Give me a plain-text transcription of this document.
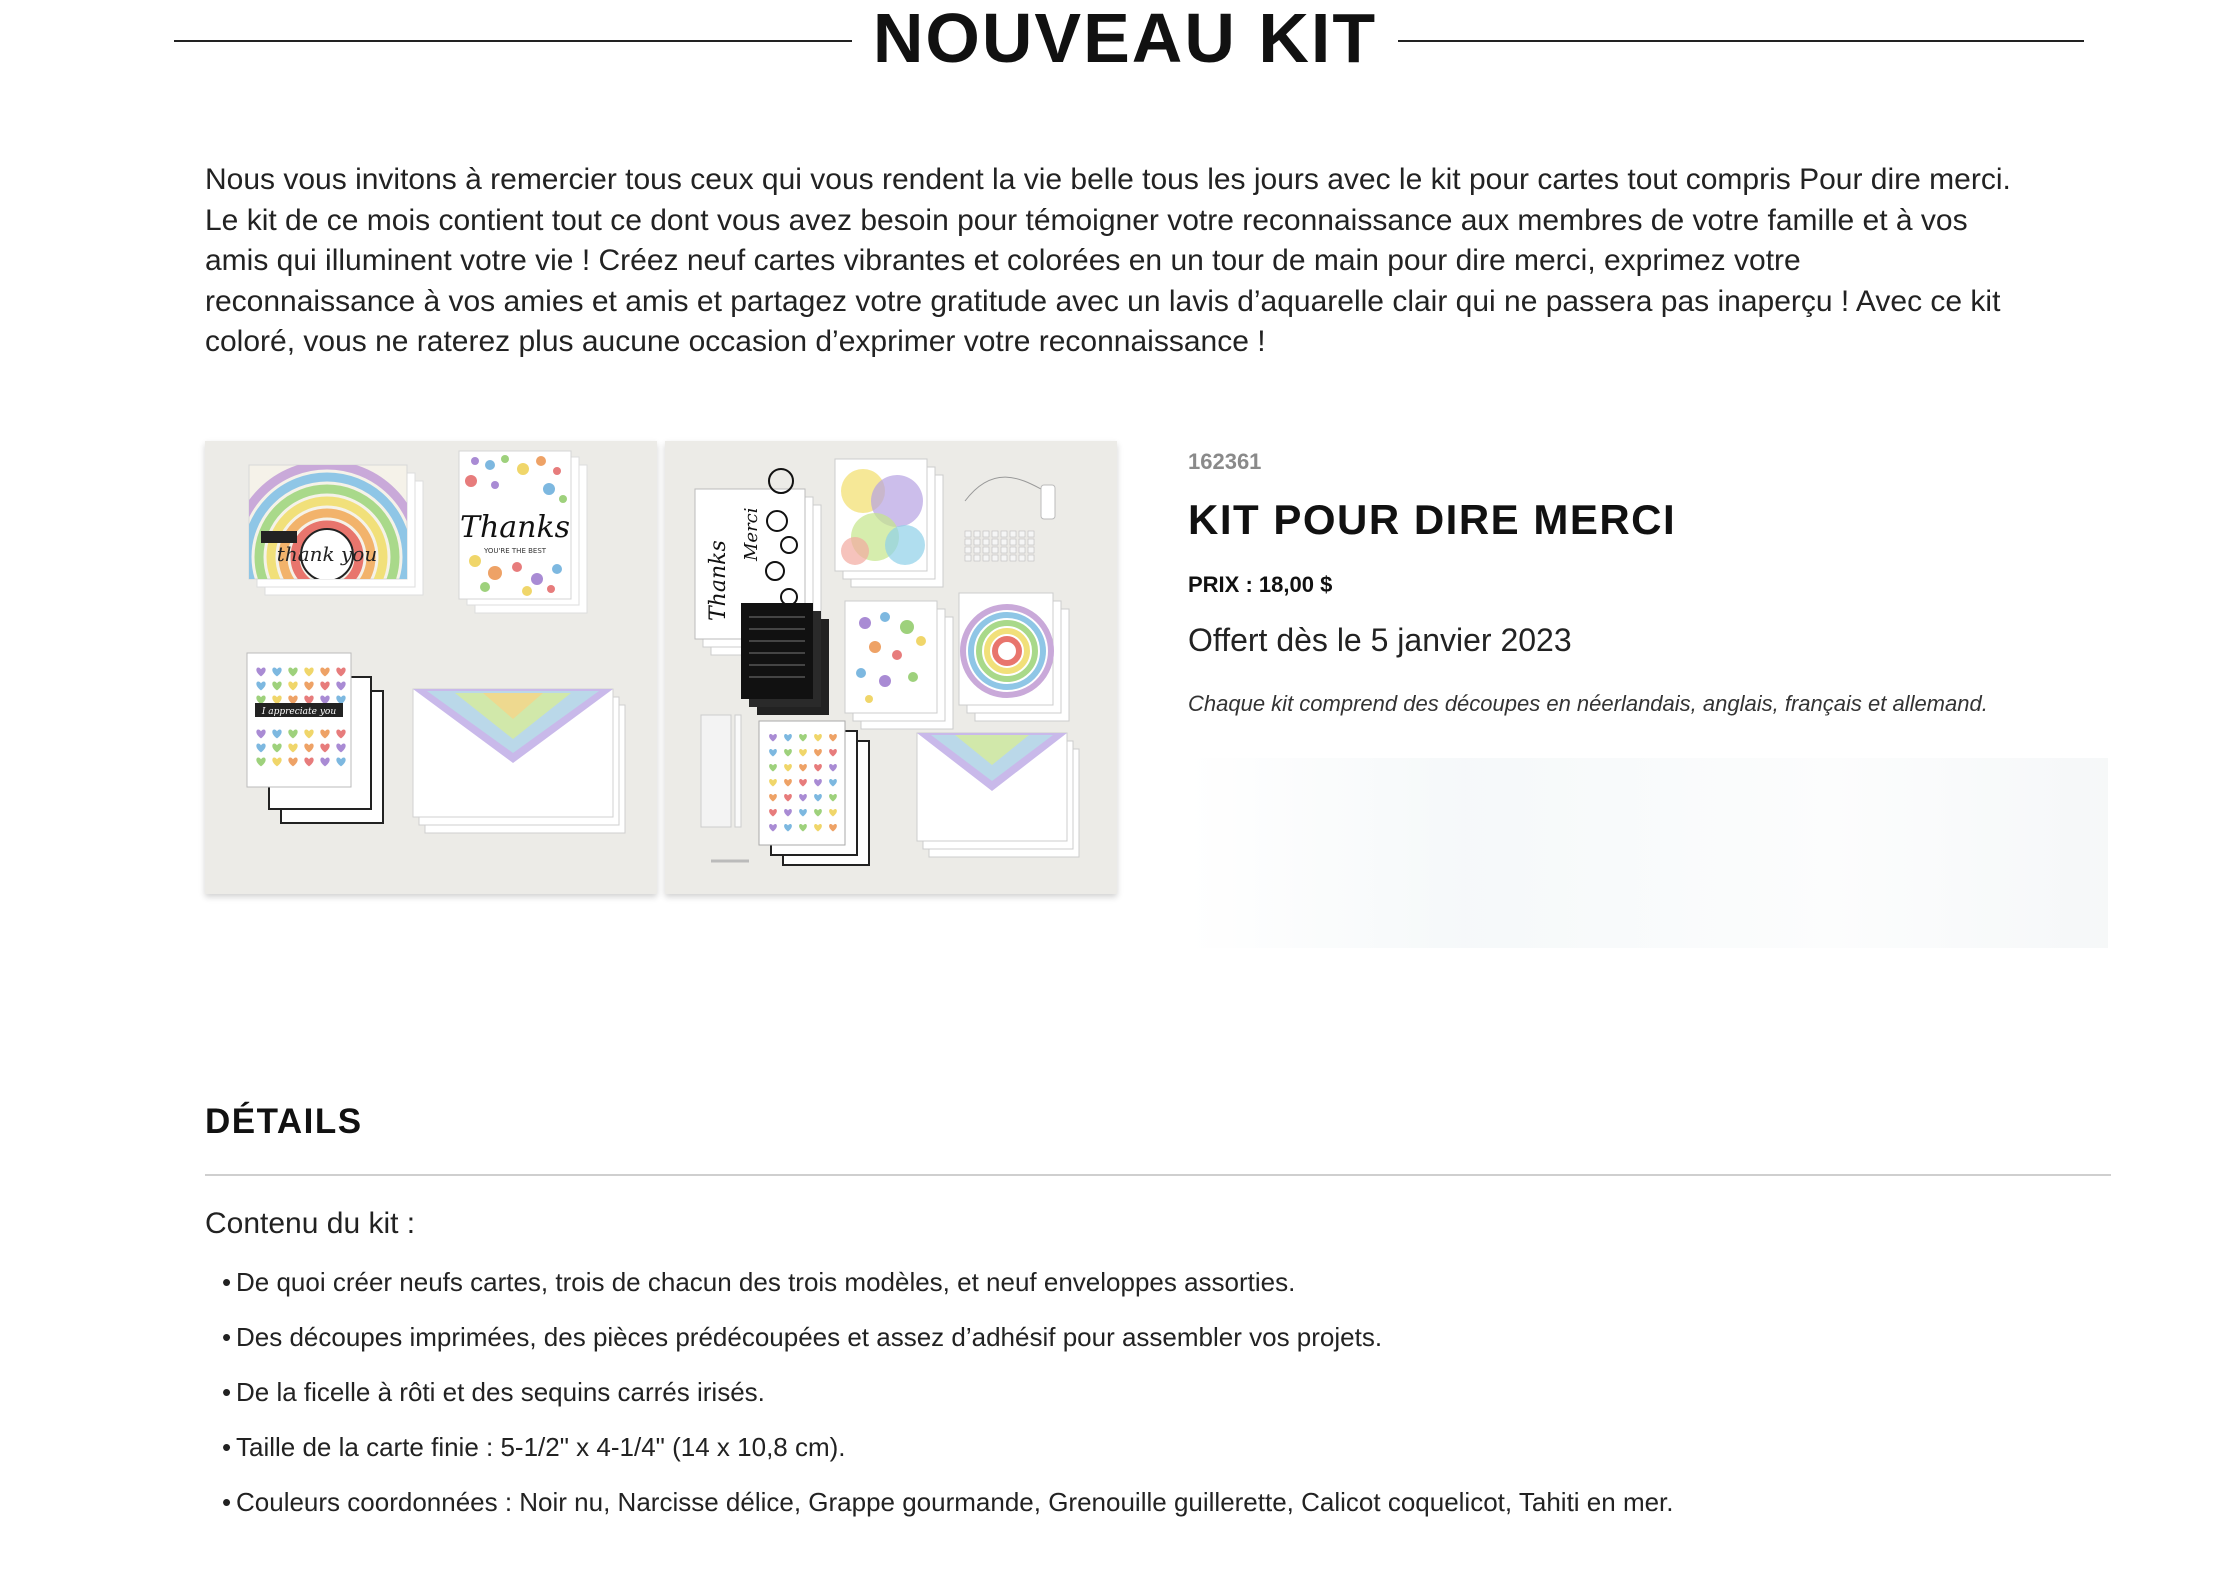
NOUVEAU KIT
Nous vous invitons à remercier tous ceux qui vous rendent la vie belle tous les jours avec le kit pour cartes tout compris Pour dire merci.
Le kit de ce mois contient tout ce dont vous avez besoin pour témoigner votre reconnaissance aux membres de votre famille et à vos
amis qui illuminent votre vie ! Créez neuf cartes vibrantes et colorées en un tour de main pour dire merci, exprimez votre
reconnaissance à vos amies et amis et partagez votre gratitude avec un lavis d’aquarelle clair qui ne passera pas inaperçu ! Avec ce kit
coloré, vous ne raterez plus aucune occasion d’exprimer votre reconnaissance !
thank you
Thanks
YOU'RE THE BEST
I appreciate you
Thanks
Merci
162361
KIT POUR DIRE MERCI
PRIX : 18,00 $
Offert dès le 5 janvier 2023
Chaque kit comprend des découpes en néerlandais, anglais, français et allemand.
DÉTAILS
Contenu du kit :
• De quoi créer neufs cartes, trois de chacun des trois modèles, et neuf enveloppes assorties.
• Des découpes imprimées, des pièces prédécoupées et assez d’adhésif pour assembler vos projets.
• De la ficelle à rôti et des sequins carrés irisés.
• Taille de la carte finie : 5-1/2" x 4-1/4" (14 x 10,8 cm).
• Couleurs coordonnées : Noir nu, Narcisse délice, Grappe gourmande, Grenouille guillerette, Calicot coquelicot, Tahiti en mer.
